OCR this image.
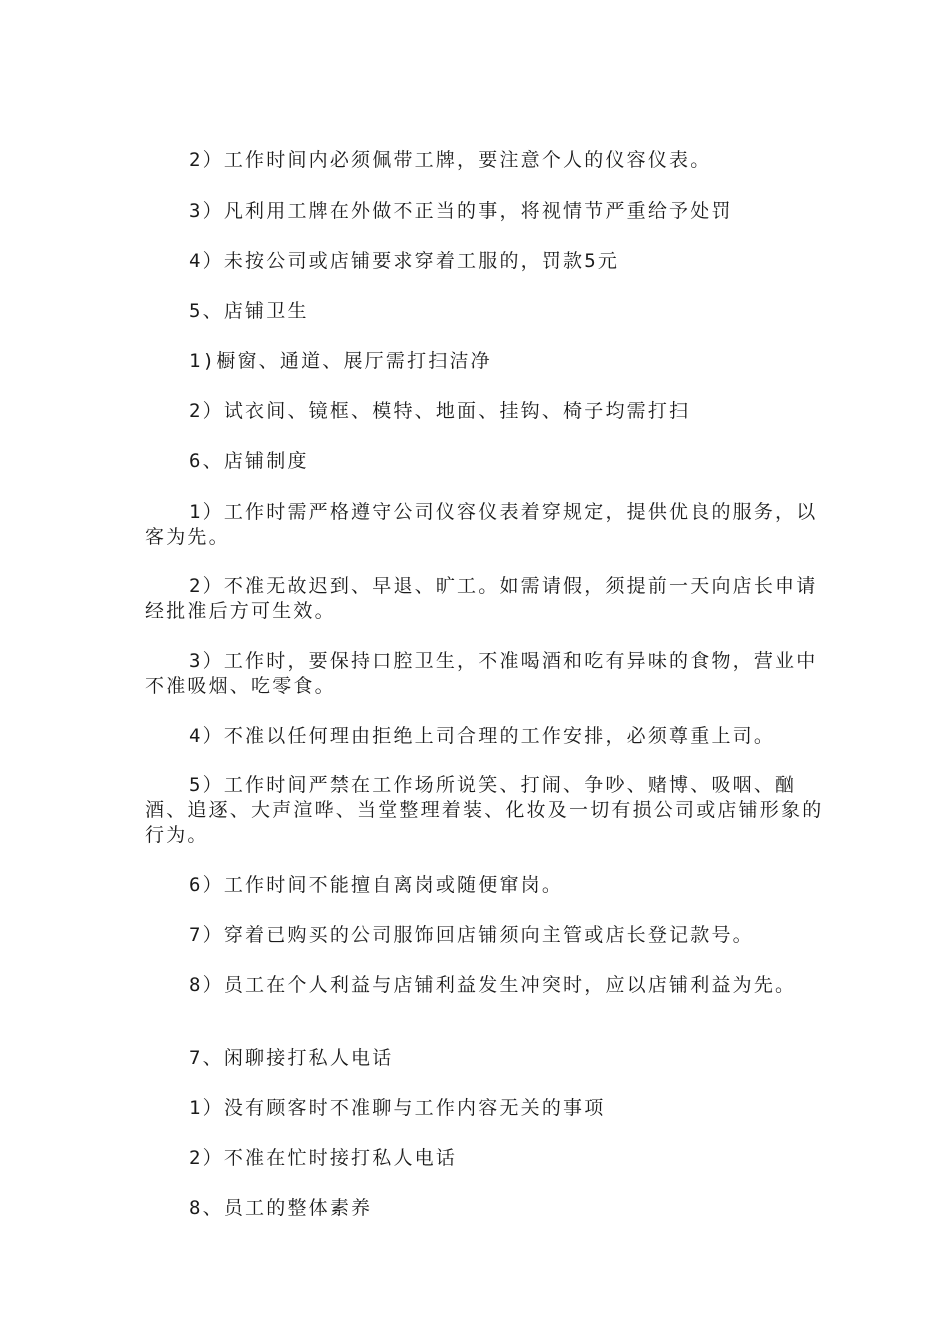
2）工作时间内必须佩带工牌，要注意个人的仪容仪表。

3）凡利用工牌在外做不正当的事，将视情节严重给予处罚

4）未按公司或店铺要求穿着工服的，罚款5元

5、店铺卫生

1)橱窗、通道、展厅需打扫洁净

2）试衣间、镜框、模特、地面、挂钩、椅子均需打扫

6、店铺制度

1）工作时需严格遵守公司仪容仪表着穿规定，提供优良的服务，以客为先。

2）不准无故迟到、早退、旷工。如需请假，须提前一天向店长申请经批准后方可生效。

3）工作时，要保持口腔卫生，不准喝酒和吃有异味的食物，营业中不准吸烟、吃零食。

4）不准以任何理由拒绝上司合理的工作安排，必须尊重上司。

5）工作时间严禁在工作场所说笑、打闹、争吵、赌博、吸咽、酗酒、追逐、大声渲哗、当堂整理着装、化妆及一切有损公司或店铺形象的行为。

6）工作时间不能擅自离岗或随便窜岗。

7）穿着已购买的公司服饰回店铺须向主管或店长登记款号。

8）员工在个人利益与店铺利益发生冲突时，应以店铺利益为先。

7、闲聊接打私人电话

1）没有顾客时不准聊与工作内容无关的事项

2）不准在忙时接打私人电话

8、员工的整体素养
